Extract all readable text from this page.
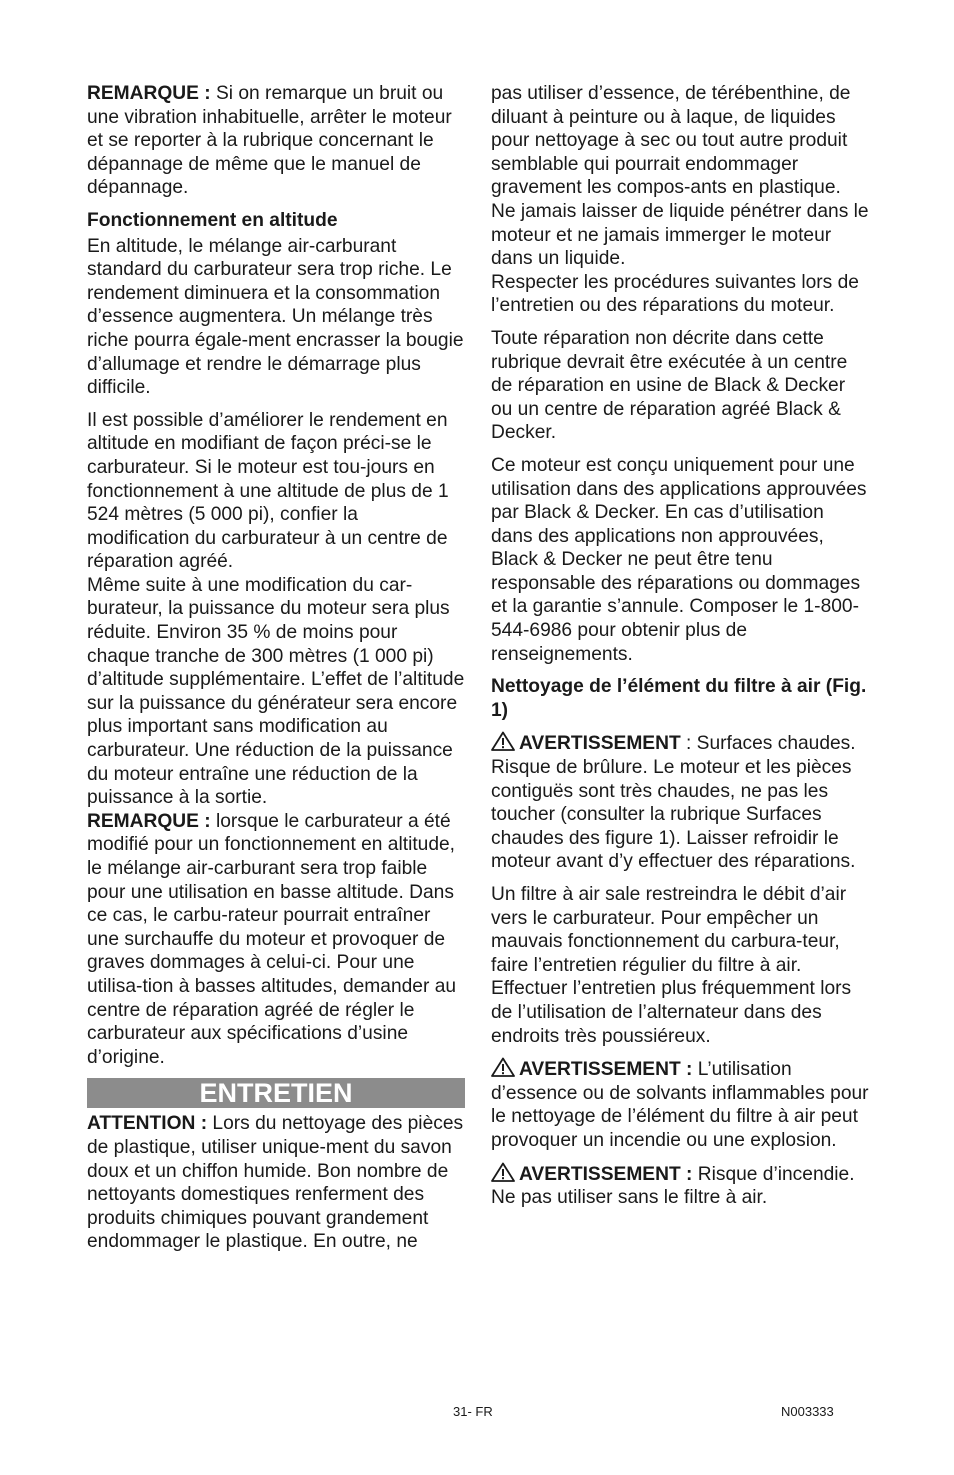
REMARQUE : Si on remarque un bruit ou une vibration inhabituelle, arrêter le moteur et se reporter à la rubrique concernant le dépannage de même que le manuel de dépannage.

Fonctionnement en altitude

En altitude, le mélange air-carburant standard du carburateur sera trop riche. Le rendement diminuera et la consommation d’essence augmentera. Un mélange très riche pourra égale-ment encrasser la bougie d’allumage et rendre le démarrage plus difficile.

Il est possible d’améliorer le rendement en altitude en modifiant de façon préci-se le carburateur. Si le moteur est tou-jours en fonctionnement à une altitude de plus de 1 524 mètres (5 000 pi), confier la modification du carburateur à un centre de réparation agréé.

Même suite à une modification du car-burateur, la puissance du moteur sera plus réduite. Environ 35 % de moins pour chaque tranche de 300 mètres (1 000 pi) d’altitude supplémentaire. L’effet de l’altitude sur la puissance du générateur sera encore plus important sans modification au carburateur. Une réduction de la puissance du moteur entraîne une réduction de la puissance à la sortie.

REMARQUE : lorsque le carburateur a été modifié pour un fonctionnement en altitude, le mélange air-carburant sera trop faible pour une utilisation en basse altitude. Dans ce cas, le carbu-rateur pourrait entraîner une surchauffe du moteur et provoquer de graves dommages à celui-ci. Pour une utilisa-tion à basses altitudes, demander au centre de réparation agréé de régler le carburateur aux spécifications d’usine d’origine.

ENTRETIEN

ATTENTION : Lors du nettoyage des pièces de plastique, utiliser unique-ment du savon doux et un chiffon humide. Bon nombre de nettoyants domestiques renferment des produits chimiques pouvant grandement endommager le plastique. En outre, ne

pas utiliser d’essence, de térébenthine, de diluant à peinture ou à laque, de liquides pour nettoyage à sec ou tout autre produit semblable qui pourrait endommager gravement les compos-ants en plastique. Ne jamais laisser de liquide pénétrer dans le moteur et ne jamais immerger le moteur dans un liquide.

Respecter les procédures suivantes lors de l’entretien ou des réparations du moteur.

Toute réparation non décrite dans cette rubrique devrait être exécutée à un centre de réparation en usine de Black & Decker ou un centre de réparation agréé Black & Decker.

Ce moteur est conçu uniquement pour une utilisation dans des applications approuvées par Black & Decker. En cas d’utilisation dans des applications non approuvées, Black & Decker ne peut être tenu responsable des réparations ou dommages et la garantie s’annule. Composer le 1-800-544-6986 pour obtenir plus de renseignements.

Nettoyage de l’élément du filtre à air (Fig. 1)

AVERTISSEMENT : Surfaces chaudes. Risque de brûlure. Le moteur et les pièces contiguës sont très chaudes, ne pas les toucher (consulter la rubrique Surfaces chaudes des figure 1). Laisser refroidir le moteur avant d’y effectuer des réparations.

Un filtre à air sale restreindra le débit d’air vers le carburateur. Pour empêcher un mauvais fonctionnement du carbura-teur, faire l’entretien régulier du filtre à air. Effectuer l’entretien plus fréquemment lors de l’utilisation de l’alternateur dans des endroits très poussiéreux.

AVERTISSEMENT : L’utilisation d’essence ou de solvants inflammables pour le nettoyage de l’élément du filtre à air peut provoquer un incendie ou une explosion.

AVERTISSEMENT : Risque d’incendie. Ne pas utiliser sans le filtre à air.

31- FR	N003333
